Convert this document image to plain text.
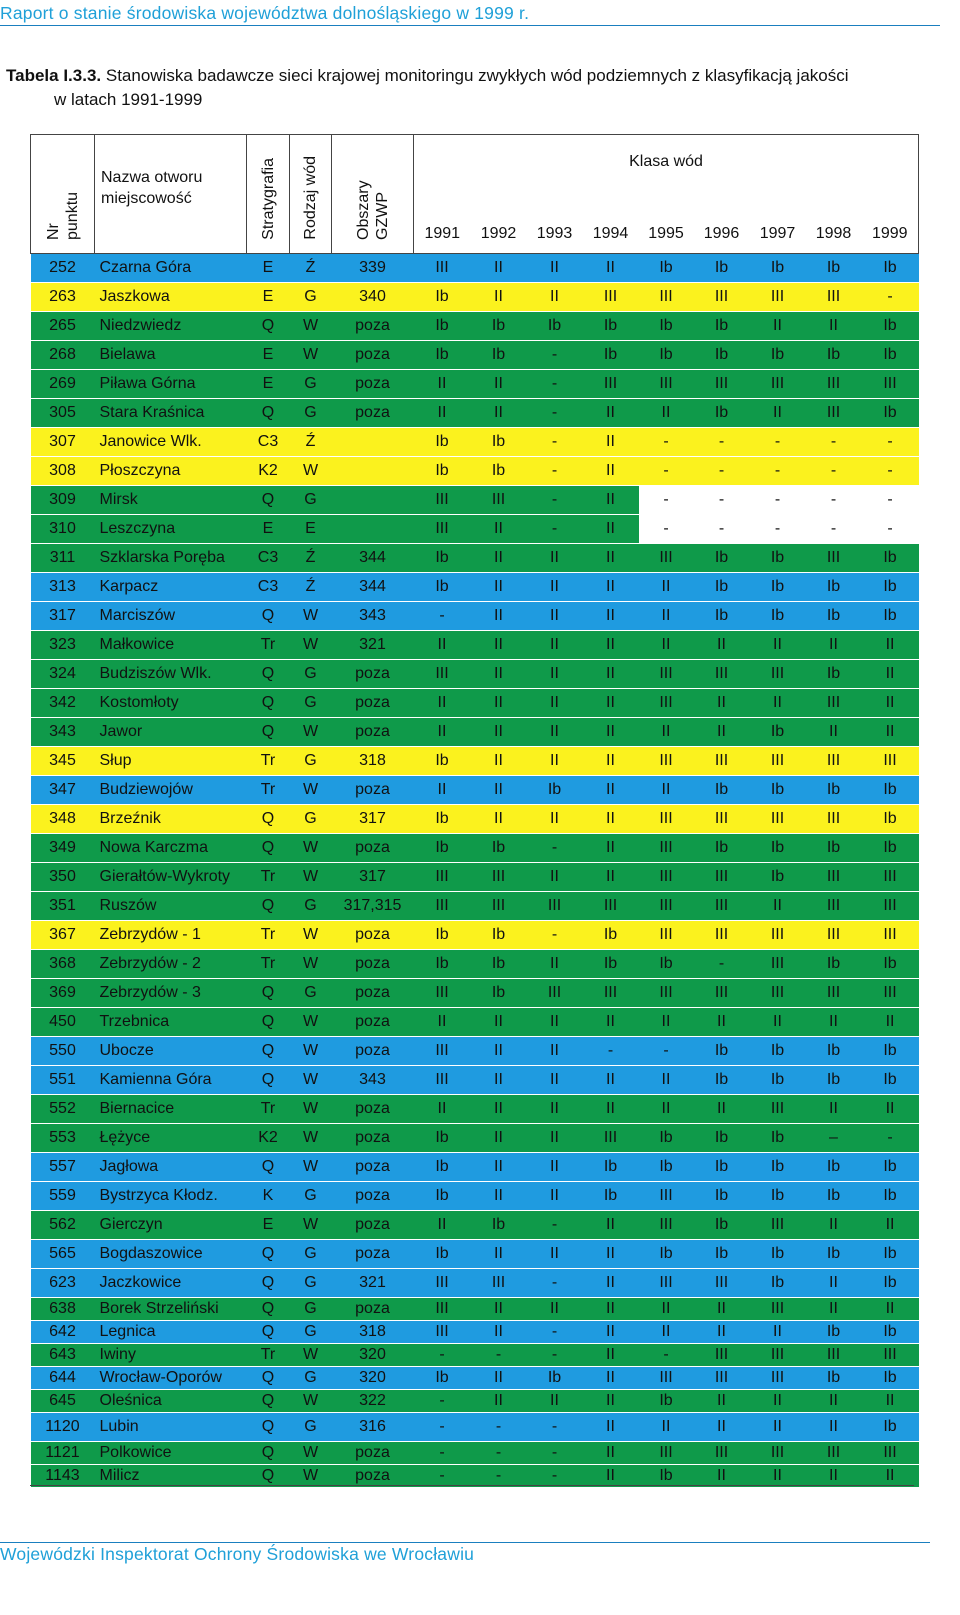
Raport o stanie środowiska województwa dolnośląskiego w 1999 r.
Tabela I.3.3. Stanowiska badawcze sieci krajowej monitoringu zwykłych wód podziemnych z klasyfikacją jakości
w latach 1991-1999
Nr punktu	Nazwa otworu miejscowość	Stratygrafia	Rodzaj wód	Obszary GZWP	Klasa wód								
					1991	1992	1993	1994	1995	1996	1997	1998	1999
252	Czarna Góra	E	Ź	339	III	II	II	II	Ib	Ib	Ib	Ib	Ib
263	Jaszkowa	E	G	340	Ib	II	II	III	III	III	III	III	-
265	Niedzwiedz	Q	W	poza	Ib	Ib	Ib	Ib	Ib	Ib	II	II	Ib
268	Bielawa	E	W	poza	Ib	Ib	-	Ib	Ib	Ib	Ib	Ib	Ib
269	Piława Górna	E	G	poza	II	II	-	III	III	III	III	III	III
305	Stara Kraśnica	Q	G	poza	II	II	-	II	II	Ib	II	III	Ib
307	Janowice Wlk.	C3	Ź		Ib	Ib	-	II	-	-	-	-	-
308	Płoszczyna	K2	W		Ib	Ib	-	II	-	-	-	-	-
309	Mirsk	Q	G		III	III	-	II	-	-	-	-	-
310	Leszczyna	E	E		III	II	-	II	-	-	-	-	-
311	Szklarska Poręba	C3	Ź	344	Ib	II	II	II	III	Ib	Ib	III	Ib
313	Karpacz	C3	Ź	344	Ib	II	II	II	II	Ib	Ib	Ib	Ib
317	Marciszów	Q	W	343	-	II	II	II	II	Ib	Ib	Ib	Ib
323	Małkowice	Tr	W	321	II	II	II	II	II	II	II	II	II
324	Budziszów Wlk.	Q	G	poza	III	II	II	II	III	III	III	Ib	II
342	Kostomłoty	Q	G	poza	II	II	II	II	III	II	II	III	II
343	Jawor	Q	W	poza	II	II	II	II	II	II	Ib	II	II
345	Słup	Tr	G	318	Ib	II	II	II	III	III	III	III	III
347	Budziewojów	Tr	W	poza	II	II	Ib	II	II	Ib	Ib	Ib	Ib
348	Brzeźnik	Q	G	317	Ib	II	II	II	III	III	III	III	Ib
349	Nowa Karczma	Q	W	poza	Ib	Ib	-	II	III	Ib	Ib	Ib	Ib
350	Gierałtów-Wykroty	Tr	W	317	III	III	II	II	III	III	Ib	III	III
351	Ruszów	Q	G	317,315	III	III	III	III	III	III	II	III	III
367	Zebrzydów - 1	Tr	W	poza	Ib	Ib	-	Ib	III	III	III	III	III
368	Zebrzydów - 2	Tr	W	poza	Ib	Ib	II	Ib	Ib	-	III	Ib	Ib
369	Zebrzydów - 3	Q	G	poza	III	Ib	III	III	III	III	III	III	III
450	Trzebnica	Q	W	poza	II	II	II	II	II	II	II	II	II
550	Ubocze	Q	W	poza	III	II	II	-	-	Ib	Ib	Ib	Ib
551	Kamienna Góra	Q	W	343	III	II	II	II	II	Ib	Ib	Ib	Ib
552	Biernacice	Tr	W	poza	II	II	II	II	II	II	III	II	II
553	Łężyce	K2	W	poza	Ib	II	II	III	Ib	Ib	Ib	–	-
557	Jagłowa	Q	W	poza	Ib	II	II	Ib	Ib	Ib	Ib	Ib	Ib
559	Bystrzyca Kłodz.	K	G	poza	Ib	II	II	Ib	III	Ib	Ib	Ib	Ib
562	Gierczyn	E	W	poza	II	Ib	-	II	III	Ib	III	II	II
565	Bogdaszowice	Q	G	poza	Ib	II	II	II	Ib	Ib	Ib	Ib	Ib
623	Jaczkowice	Q	G	321	III	III	-	II	III	III	Ib	II	Ib
638	Borek Strzeliński	Q	G	poza	III	II	II	II	II	II	III	II	II
642	Legnica	Q	G	318	III	II	-	II	II	II	II	Ib	Ib
643	Iwiny	Tr	W	320	-	-	-	II	-	III	III	III	III
644	Wrocław-Oporów	Q	G	320	Ib	II	Ib	II	III	III	III	Ib	Ib
645	Oleśnica	Q	W	322	-	II	II	II	Ib	II	II	II	II
1120	Lubin	Q	G	316	-	-	-	II	II	II	II	II	Ib
1121	Polkowice	Q	W	poza	-	-	-	II	III	III	III	III	III
1143	Milicz	Q	W	poza	-	-	-	II	Ib	II	II	II	II
Wojewódzki Inspektorat Ochrony Środowiska we Wrocławiu
